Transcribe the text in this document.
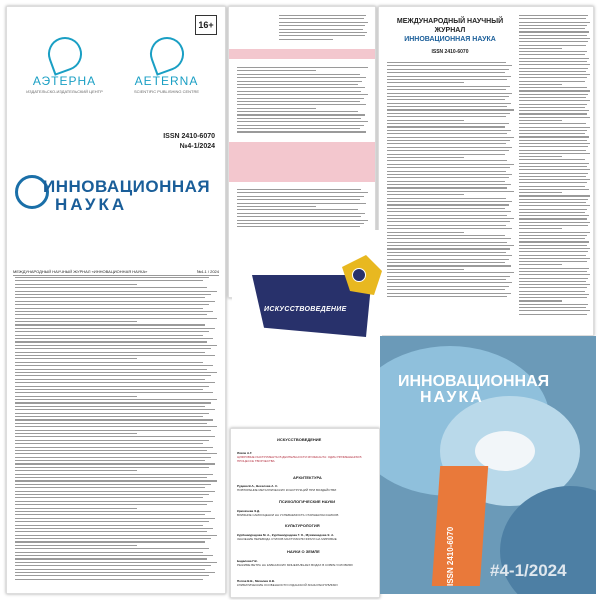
16+
АЭТЕРНА
ИЗДАТЕЛЬСКО-ИЗДАТЕЛЬСКИЙ ЦЕНТР
AETERNA
SCIENTIFIC PUBLISHING CENTRE
ISSN 2410-6070
№4-1/2024
ИННОВАЦИОННАЯ
НАУКА
МЕЖДУНАРОДНЫЙ НАУЧНЫЙ ЖУРНАЛ «ИННОВАЦИОННАЯ НАУКА»	№4-1 / 2024
МЕЖДУНАРОДНЫЙ НАУЧНЫЙ ЖУРНАЛ
ИННОВАЦИОННАЯ НАУКА
ISSN 2410-6070
ИСКУССТВОВЕДЕНИЕ
ИСКУССТВОВЕДЕНИЕ
Ляхов А.Г.
ЦИФРОВЫЕ ИНСТРУМЕНТЫ В ДЕЯТЕЛЬНОСТИ МУЗЫКАНТА: ОДИН ПРИМЕНЕНИЯ В ПРОЦЕССЕ ТВОРЧЕСТВА
АРХИТЕКТУРА
Рудева В.А., Веселова А. С.
ПОВТОРЕНИЕ МЕТАЛЛИЧЕСКИХ КОНСТРУКЦИЙ ПРИ ВОЗДЕЙСТВИ
ПСИХОЛОГИЧЕСКИЕ НАУКИ
Крюкачева Э.Д.
ВЛИЯНИЕ САМООЦЕНКИ НА УСПЕВАЕМОСТЬ СТАРШЕКЛАССНИКОВ
КУЛЬТУРОЛОГИЯ
Курбанмурадова М. А., Курбанмурадова Г. О., Мухаммедова Э. А.
ЗНАЧЕНИЕ ПЕРЕВОДА СТИХОВ МАХТУМКУЛИ ФРАГИ НА МИРОВЫЕ
НАУКИ О ЗЕМЛЕ
Бадалова Г.В.
РЕЖИМЕ ВЕТРА НА КАВКАЗСКИХ МИНЕРАЛЬНЫХ ВОДАХ В СОВРЕ УСЛОВИЯХ
Попов В.В., Михалев Н.В.
КЛИМАТИЧЕСКИЕ ОСОБЕННОСТИ СУДАНСКОЙ ЗОНЫ РЕСПУБЛИКИ
ИННОВАЦИОННАЯ
НАУКА
ISSN 2410-6070 #4-1/2024
